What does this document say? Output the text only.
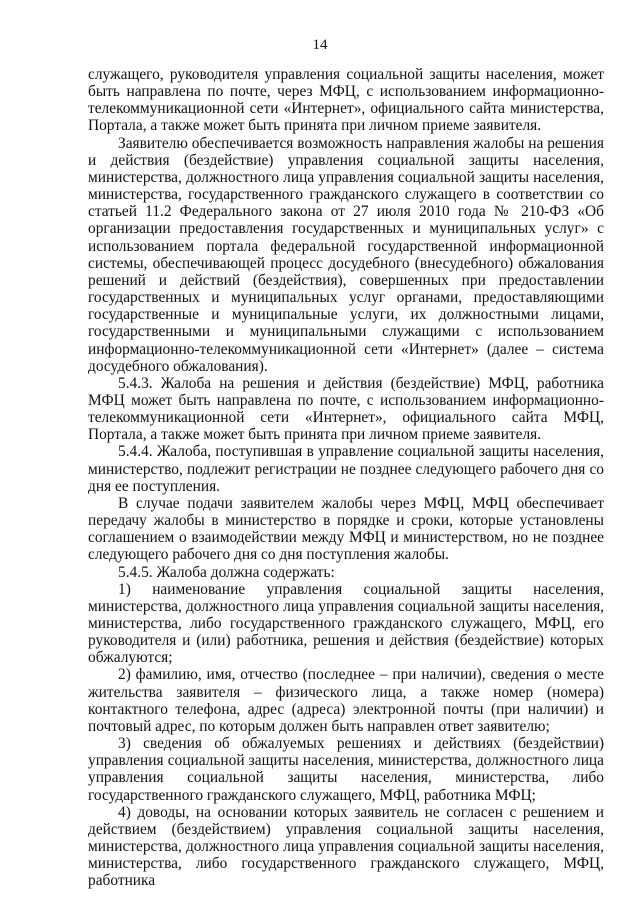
14

служащего, руководителя управления социальной защиты населения, может быть направлена по почте, через МФЦ, с использованием информационно-телекоммуникационной сети «Интернет», официального сайта министерства, Портала, а также может быть принята при личном приеме заявителя.

Заявителю обеспечивается возможность направления жалобы на решения и действия (бездействие) управления социальной защиты населения, министерства, должностного лица управления социальной защиты населения, министерства, государственного гражданского служащего в соответствии со статьей 11.2 Федерального закона от 27 июля 2010 года № 210-ФЗ «Об организации предоставления государственных и муниципальных услуг» с использованием портала федеральной государственной информационной системы, обеспечивающей процесс досудебного (внесудебного) обжалования решений и действий (бездействия), совершенных при предоставлении государственных и муниципальных услуг органами, предоставляющими государственные и муниципальные услуги, их должностными лицами, государственными и муниципальными служащими с использованием информационно-телекоммуникационной сети «Интернет» (далее – система досудебного обжалования).

5.4.3. Жалоба на решения и действия (бездействие) МФЦ, работника МФЦ может быть направлена по почте, с использованием информационно-телекоммуникационной сети «Интернет», официального сайта МФЦ, Портала, а также может быть принята при личном приеме заявителя.

5.4.4. Жалоба, поступившая в управление социальной защиты населения, министерство, подлежит регистрации не позднее следующего рабочего дня со дня ее поступления.

В случае подачи заявителем жалобы через МФЦ, МФЦ обеспечивает передачу жалобы в министерство в порядке и сроки, которые установлены соглашением о взаимодействии между МФЦ и министерством, но не позднее следующего рабочего дня со дня поступления жалобы.

5.4.5. Жалоба должна содержать:

1) наименование управления социальной защиты населения, министерства, должностного лица управления социальной защиты населения, министерства, либо государственного гражданского служащего, МФЦ, его руководителя и (или) работника, решения и действия (бездействие) которых обжалуются;

2) фамилию, имя, отчество (последнее – при наличии), сведения о месте жительства заявителя – физического лица, а также номер (номера) контактного телефона, адрес (адреса) электронной почты (при наличии) и почтовый адрес, по которым должен быть направлен ответ заявителю;

3) сведения об обжалуемых решениях и действиях (бездействии) управления социальной защиты населения, министерства, должностного лица управления социальной защиты населения, министерства, либо государственного гражданского служащего, МФЦ, работника МФЦ;

4) доводы, на основании которых заявитель не согласен с решением и действием (бездействием) управления социальной защиты населения, министерства, должностного лица управления социальной защиты населения, министерства, либо государственного гражданского служащего, МФЦ, работника
